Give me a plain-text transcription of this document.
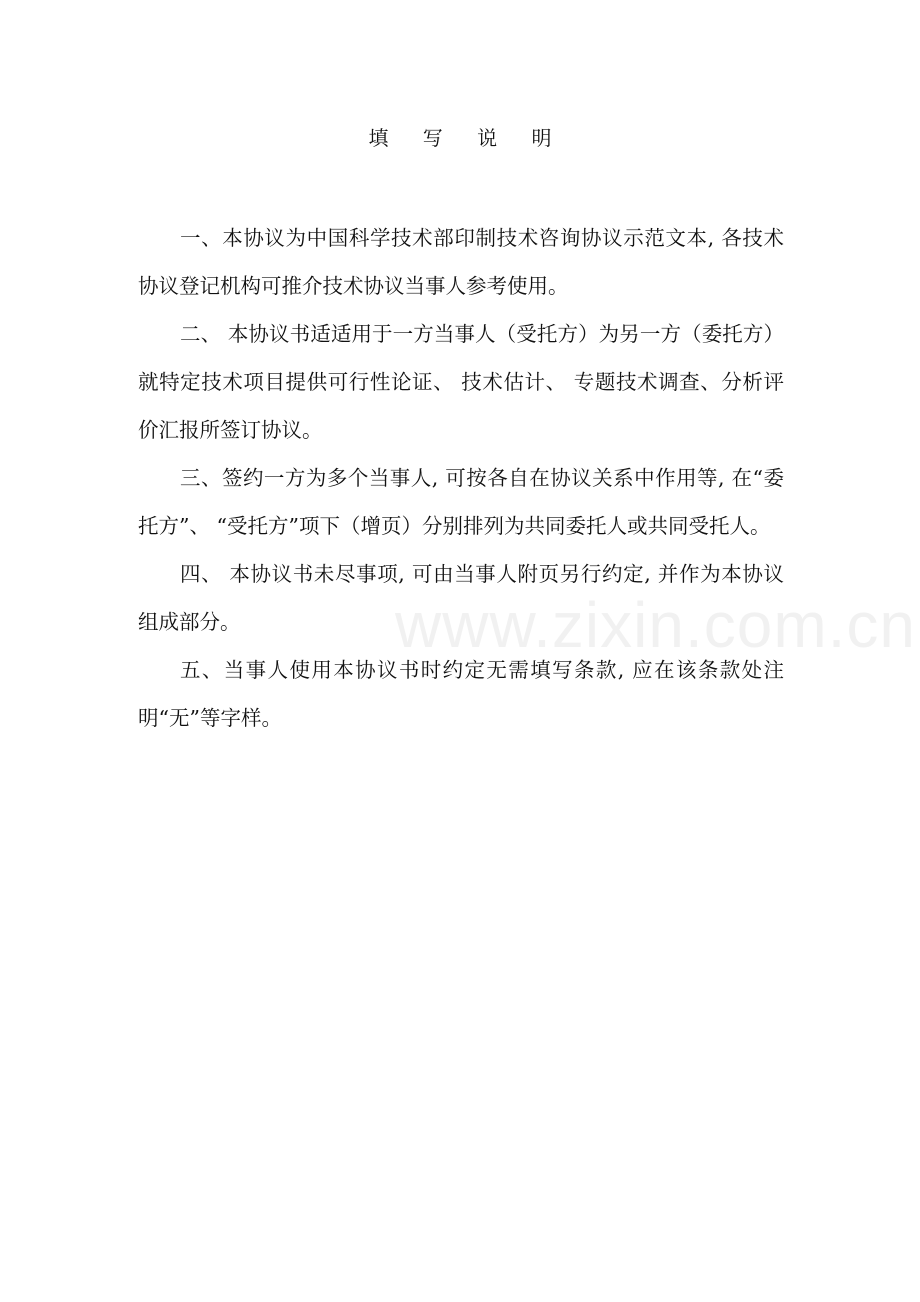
填 写 说 明

一、本协议为中国科学技术部印制技术咨询协议示范文本, 各技术协议登记机构可推介技术协议当事人参考使用。

二、 本协议书适适用于一方当事人（受托方）为另一方（委托方）就特定技术项目提供可行性论证、 技术估计、 专题技术调查、分析评价汇报所签订协议。

三、签约一方为多个当事人, 可按各自在协议关系中作用等, 在“委托方”、 “受托方”项下（增页）分别排列为共同委托人或共同受托人。

四、 本协议书未尽事项, 可由当事人附页另行约定, 并作为本协议组成部分。

五、当事人使用本协议书时约定无需填写条款, 应在该条款处注明“无”等字样。

www.zixin.com.cn
